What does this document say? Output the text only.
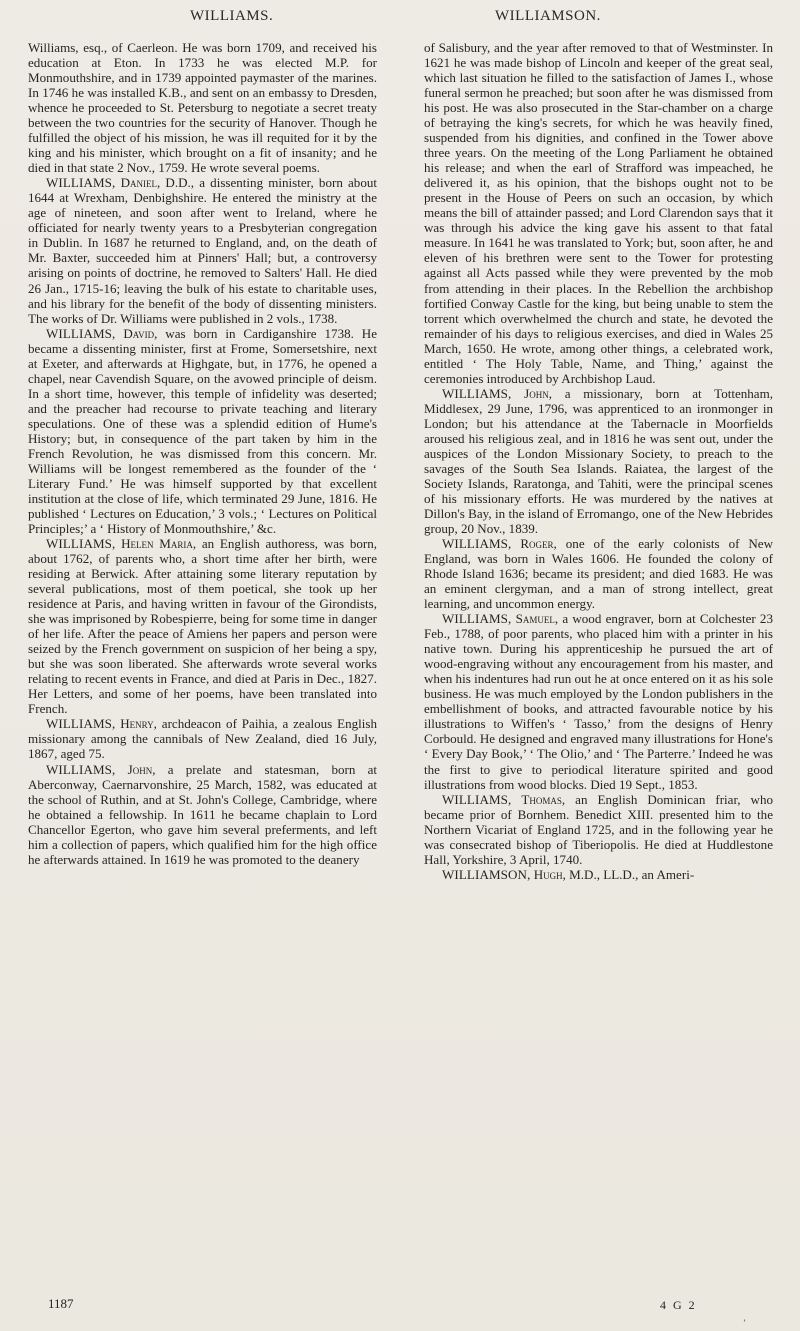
WILLIAMS.	WILLIAMSON.

Williams, esq., of Caerleon. He was born 1709, and received his education at Eton. In 1733 he was elected M.P. for Monmouthshire, and in 1739 appointed paymaster of the marines. In 1746 he was installed K.B., and sent on an embassy to Dresden, whence he proceeded to St. Petersburg to negotiate a secret treaty between the two countries for the security of Hanover. Though he fulfilled the object of his mission, he was ill requited for it by the king and his minister, which brought on a fit of insanity; and he died in that state 2 Nov., 1759. He wrote several poems.

WILLIAMS, Daniel, D.D., a dissenting minister, born about 1644 at Wrexham, Denbighshire. He entered the ministry at the age of nineteen, and soon after went to Ireland, where he officiated for nearly twenty years to a Presbyterian congregation in Dublin. In 1687 he returned to England, and, on the death of Mr. Baxter, succeeded him at Pinners' Hall; but, a controversy arising on points of doctrine, he removed to Salters' Hall. He died 26 Jan., 1715-16; leaving the bulk of his estate to charitable uses, and his library for the benefit of the body of dissenting ministers. The works of Dr. Williams were published in 2 vols., 1738.

WILLIAMS, David, was born in Cardiganshire 1738. He became a dissenting minister, first at Frome, Somersetshire, next at Exeter, and afterwards at Highgate, but, in 1776, he opened a chapel, near Cavendish Square, on the avowed principle of deism. In a short time, however, this temple of infidelity was deserted; and the preacher had recourse to private teaching and literary speculations. One of these was a splendid edition of Hume's History; but, in consequence of the part taken by him in the French Revolution, he was dismissed from this concern. Mr. Williams will be longest remembered as the founder of the ‘ Literary Fund.’ He was himself supported by that excellent institution at the close of life, which terminated 29 June, 1816. He published ‘ Lectures on Education,’ 3 vols.; ‘ Lectures on Political Principles;’ a ‘ History of Monmouthshire,’ &c.

WILLIAMS, Helen Maria, an English authoress, was born, about 1762, of parents who, a short time after her birth, were residing at Berwick. After attaining some literary reputation by several publications, most of them poetical, she took up her residence at Paris, and having written in favour of the Girondists, she was imprisoned by Robespierre, being for some time in danger of her life. After the peace of Amiens her papers and person were seized by the French government on suspicion of her being a spy, but she was soon liberated. She afterwards wrote several works relating to recent events in France, and died at Paris in Dec., 1827. Her Letters, and some of her poems, have been translated into French.

WILLIAMS, Henry, archdeacon of Paihia, a zealous English missionary among the cannibals of New Zealand, died 16 July, 1867, aged 75.

WILLIAMS, John, a prelate and statesman, born at Aberconway, Caernarvonshire, 25 March, 1582, was educated at the school of Ruthin, and at St. John's College, Cambridge, where he obtained a fellowship. In 1611 he became chaplain to Lord Chancellor Egerton, who gave him several preferments, and left him a collection of papers, which qualified him for the high office he afterwards attained. In 1619 he was promoted to the deanery

of Salisbury, and the year after removed to that of Westminster. In 1621 he was made bishop of Lincoln and keeper of the great seal, which last situation he filled to the satisfaction of James I., whose funeral sermon he preached; but soon after he was dismissed from his post. He was also prosecuted in the Star-chamber on a charge of betraying the king's secrets, for which he was heavily fined, suspended from his dignities, and confined in the Tower above three years. On the meeting of the Long Parliament he obtained his release; and when the earl of Strafford was impeached, he delivered it, as his opinion, that the bishops ought not to be present in the House of Peers on such an occasion, by which means the bill of attainder passed; and Lord Clarendon says that it was through his advice the king gave his assent to that fatal measure. In 1641 he was translated to York; but, soon after, he and eleven of his brethren were sent to the Tower for protesting against all Acts passed while they were prevented by the mob from attending in their places. In the Rebellion the archbishop fortified Conway Castle for the king, but being unable to stem the torrent which overwhelmed the church and state, he devoted the remainder of his days to religious exercises, and died in Wales 25 March, 1650. He wrote, among other things, a celebrated work, entitled ‘ The Holy Table, Name, and Thing,’ against the ceremonies introduced by Archbishop Laud.

WILLIAMS, John, a missionary, born at Tottenham, Middlesex, 29 June, 1796, was apprenticed to an ironmonger in London; but his attendance at the Tabernacle in Moorfields aroused his religious zeal, and in 1816 he was sent out, under the auspices of the London Missionary Society, to preach to the savages of the South Sea Islands. Raiatea, the largest of the Society Islands, Raratonga, and Tahiti, were the principal scenes of his missionary efforts. He was murdered by the natives at Dillon's Bay, in the island of Erromango, one of the New Hebrides group, 20 Nov., 1839.

WILLIAMS, Roger, one of the early colonists of New England, was born in Wales 1606. He founded the colony of Rhode Island 1636; became its president; and died 1683. He was an eminent clergyman, and a man of strong intellect, great learning, and uncommon energy.

WILLIAMS, Samuel, a wood engraver, born at Colchester 23 Feb., 1788, of poor parents, who placed him with a printer in his native town. During his apprenticeship he pursued the art of wood-engraving without any encouragement from his master, and when his indentures had run out he at once entered on it as his sole business. He was much employed by the London publishers in the embellishment of books, and attracted favourable notice by his illustrations to Wiffen's ‘ Tasso,’ from the designs of Henry Corbould. He designed and engraved many illustrations for Hone's ‘ Every Day Book,’ ‘ The Olio,’ and ‘ The Parterre.’ Indeed he was the first to give to periodical literature spirited and good illustrations from wood blocks. Died 19 Sept., 1853.

WILLIAMS, Thomas, an English Dominican friar, who became prior of Bornhem. Benedict XIII. presented him to the Northern Vicariat of England 1725, and in the following year he was consecrated bishop of Tiberiopolis. He died at Huddlestone Hall, Yorkshire, 3 April, 1740.

WILLIAMSON, Hugh, M.D., LL.D., an Ameri-

1187	4 G 2
ʼ
